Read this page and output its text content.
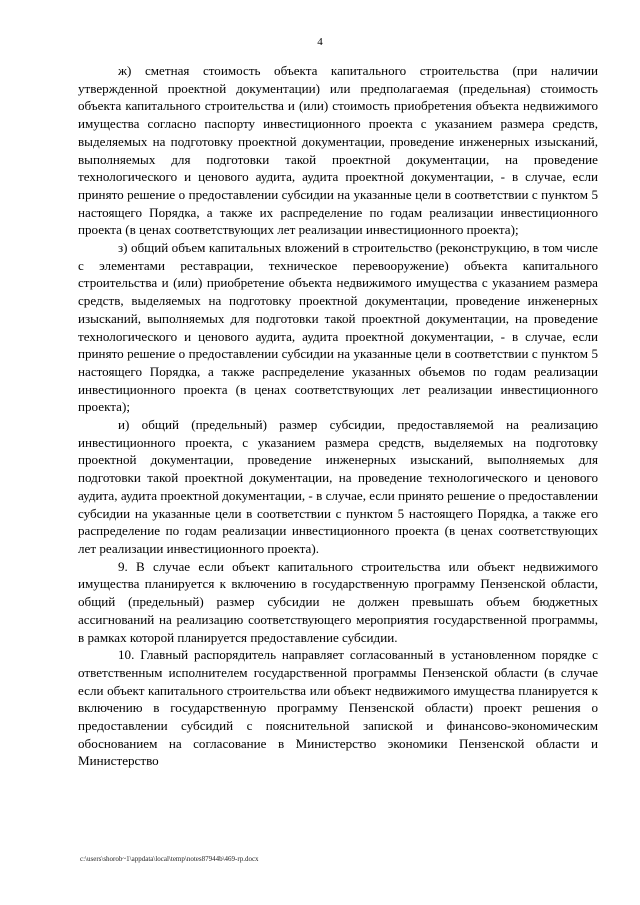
4

ж) сметная стоимость объекта капитального строительства (при наличии утвержденной проектной документации) или предполагаемая (предельная) стоимость объекта капитального строительства и (или) стоимость приобретения объекта недвижимого имущества согласно паспорту инвестиционного проекта с указанием размера средств, выделяемых на подготовку проектной документации, проведение инженерных изысканий, выполняемых для подготовки такой проектной документации, на проведение технологического и ценового аудита, аудита проектной документации, - в случае, если принято решение о предоставлении субсидии на указанные цели в соответствии с пунктом 5 настоящего Порядка, а также их распределение по годам реализации инвестиционного проекта (в ценах соответствующих лет реализации инвестиционного проекта);

з) общий объем капитальных вложений в строительство (реконструкцию, в том числе с элементами реставрации, техническое перевооружение) объекта капитального строительства и (или) приобретение объекта недвижимого имущества с указанием размера средств, выделяемых на подготовку проектной документации, проведение инженерных изысканий, выполняемых для подготовки такой проектной документации, на проведение технологического и ценового аудита, аудита проектной документации, - в случае, если принято решение о предоставлении субсидии на указанные цели в соответствии с пунктом 5 настоящего Порядка, а также распределение указанных объемов по годам реализации инвестиционного проекта (в ценах соответствующих лет реализации инвестиционного проекта);

и) общий (предельный) размер субсидии, предоставляемой на реализацию инвестиционного проекта, с указанием размера средств, выделяемых на подготовку проектной документации, проведение инженерных изысканий, выполняемых для подготовки такой проектной документации, на проведение технологического и ценового аудита, аудита проектной документации, - в случае, если принято решение о предоставлении субсидии на указанные цели в соответствии с пунктом 5 настоящего Порядка, а также его распределение по годам реализации инвестиционного проекта (в ценах соответствующих лет реализации инвестиционного проекта).

9. В случае если объект капитального строительства или объект недвижимого имущества планируется к включению в государственную программу Пензенской области, общий (предельный) размер субсидии не должен превышать объем бюджетных ассигнований на реализацию соответствующего мероприятия государственной программы, в рамках которой планируется предоставление субсидии.

10. Главный распорядитель направляет согласованный в установленном порядке с ответственным исполнителем государственной программы Пензенской области (в случае если объект капитального строительства или объект недвижимого имущества планируется к включению в государственную программу Пензенской области) проект решения о предоставлении субсидий с пояснительной запиской и финансово-экономическим обоснованием на согласование в Министерство экономики Пензенской области и Министерство

c:\users\shorob~1\appdata\local\temp\notes87944b\469-rp.docx
